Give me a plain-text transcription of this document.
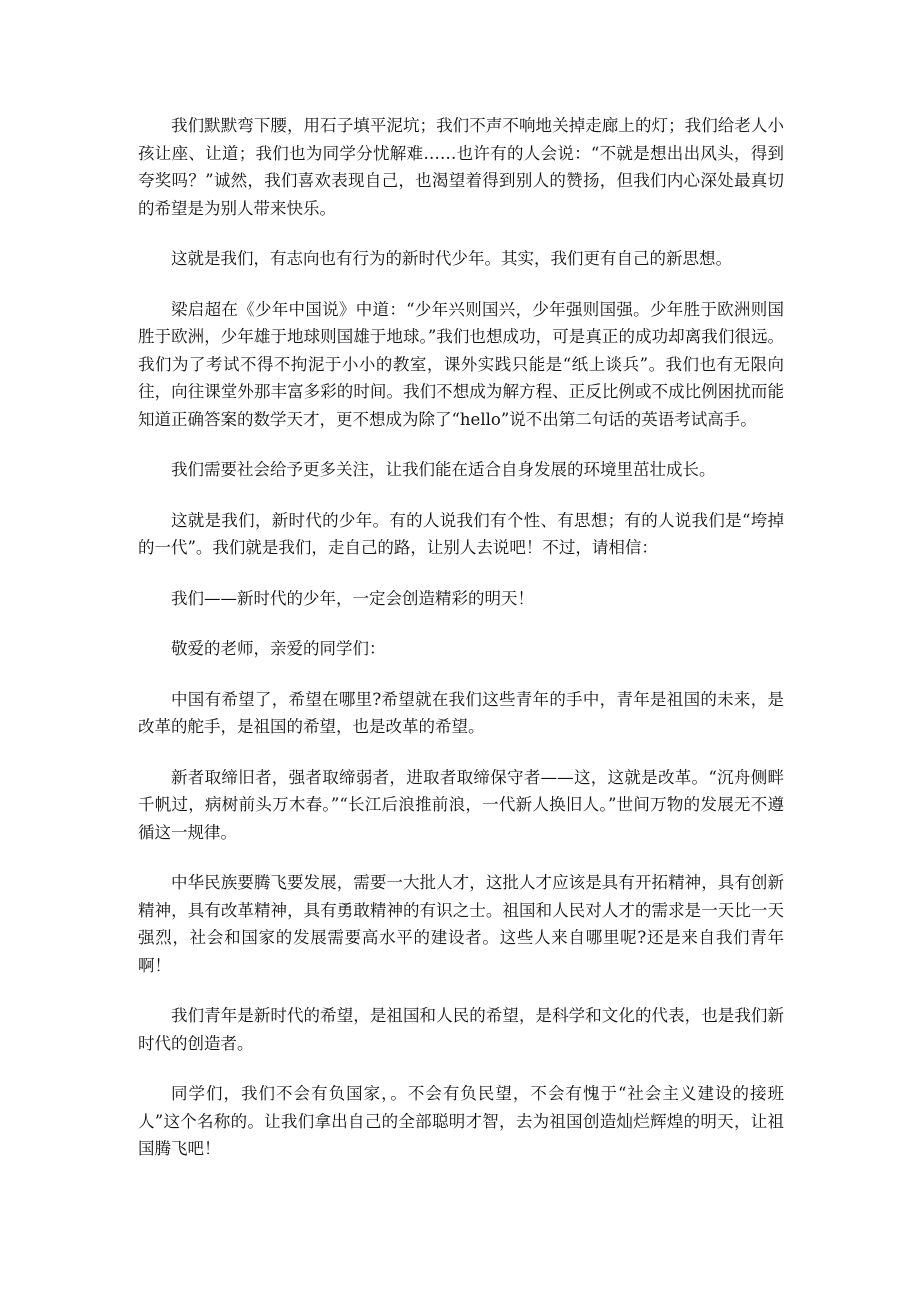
我们默默弯下腰，用石子填平泥坑；我们不声不响地关掉走廊上的灯；我们给老人小孩让座、让道；我们也为同学分忧解难……也许有的人会说：“不就是想出出风头，得到夸奖吗？”诚然，我们喜欢表现自己，也渴望着得到别人的赞扬，但我们内心深处最真切的希望是为别人带来快乐。

这就是我们，有志向也有行为的新时代少年。其实，我们更有自己的新思想。

梁启超在《少年中国说》中道：“少年兴则国兴，少年强则国强。少年胜于欧洲则国胜于欧洲，少年雄于地球则国雄于地球。”我们也想成功，可是真正的成功却离我们很远。我们为了考试不得不拘泥于小小的教室，课外实践只能是“纸上谈兵”。我们也有无限向往，向往课堂外那丰富多彩的时间。我们不想成为解方程、正反比例或不成比例困扰而能知道正确答案的数学天才，更不想成为除了“hello”说不出第二句话的英语考试高手。

我们需要社会给予更多关注，让我们能在适合自身发展的环境里茁壮成长。

这就是我们，新时代的少年。有的人说我们有个性、有思想；有的人说我们是“垮掉的一代”。我们就是我们，走自己的路，让别人去说吧！不过，请相信：

我们——新时代的少年，一定会创造精彩的明天！

敬爱的老师，亲爱的同学们：

中国有希望了，希望在哪里?希望就在我们这些青年的手中，青年是祖国的未来，是改革的舵手，是祖国的希望，也是改革的希望。

新者取缔旧者，强者取缔弱者，进取者取缔保守者——这，这就是改革。“沉舟侧畔千帆过，病树前头万木春。”“长江后浪推前浪，一代新人换旧人。”世间万物的发展无不遵循这一规律。

中华民族要腾飞要发展，需要一大批人才，这批人才应该是具有开拓精神，具有创新精神，具有改革精神，具有勇敢精神的有识之士。祖国和人民对人才的需求是一天比一天强烈，社会和国家的发展需要高水平的建设者。这些人来自哪里呢?还是来自我们青年啊！

我们青年是新时代的希望，是祖国和人民的希望，是科学和文化的代表，也是我们新时代的创造者。

同学们，我们不会有负国家，。不会有负民望，不会有愧于“社会主义建设的接班人”这个名称的。让我们拿出自己的全部聪明才智，去为祖国创造灿烂辉煌的明天，让祖国腾飞吧！
